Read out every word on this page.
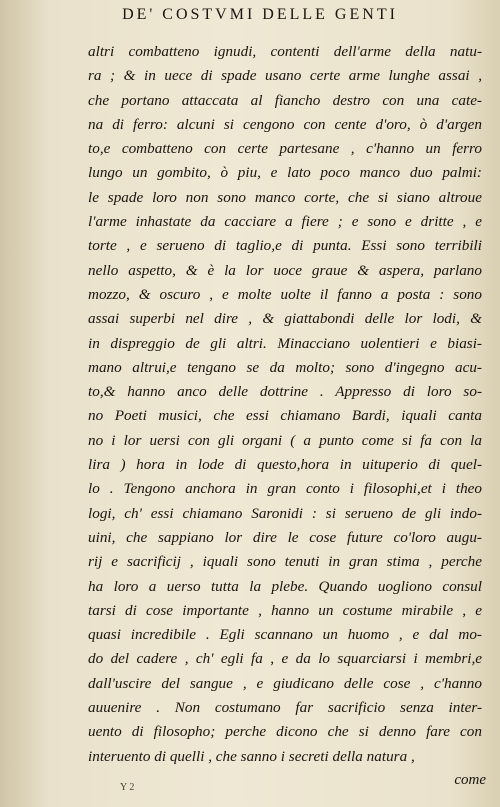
DE' COSTVMI DELLE GENTI
altri combatteno ignudi, contenti dell'arme della natu-
ra ; & in uece di spade usano certe arme lunghe assai ,
che portano attaccata al fiancho destro con una cate-
na di ferro: alcuni si cengono con cente d'oro, ò d'argen
to,e combatteno con certe partesane , c'hanno un ferro
lungo un gombito, ò piu, e lato poco manco duo palmi:
le spade loro non sono manco corte, che si siano altroue
l'arme inhastate da cacciare a fiere ; e sono e dritte , e
torte , e serueno di taglio,e di punta. Essi sono terribili
nello aspetto, & è la lor uoce graue & aspera, parlano
mozzo, & oscuro , e molte uolte il fanno a posta : sono
assai superbi nel dire , & giattabondi delle lor lodi, &
in dispreggio de gli altri. Minacciano uolentieri e biasi-
mano altrui,e tengano se da molto; sono d'ingegno acu-
to,& hanno anco delle dottrine . Appresso di loro so-
no Poeti musici, che essi chiamano Bardi, iquali canta
no i lor uersi con gli organi ( a punto come si fa con la
lira ) hora in lode di questo,hora in uituperio di quel-
lo . Tengono anchora in gran conto i filosophi,et i theo
logi, ch' essi chiamano Saronidi : si serueno de gli indo-
uini, che sappiano lor dire le cose future co'loro augu-
rij e sacrificij , iquali sono tenuti in gran stima , perche
ha loro a uerso tutta la plebe. Quando uogliono consul
tarsi di cose importante , hanno un costume mirabile , e
quasi incredibile . Egli scannano un huomo , e dal mo-
do del cadere , ch' egli fa , e da lo squarciarsi i membri,e
dall'uscire del sangue , e giudicano delle cose , c'hanno
auuenire . Non costumano far sacrificio senza inter-
uento di filosopho; perche dicono che si denno fare con
interuento di quelli , che sanno i secreti della natura ,
Y 2	come
